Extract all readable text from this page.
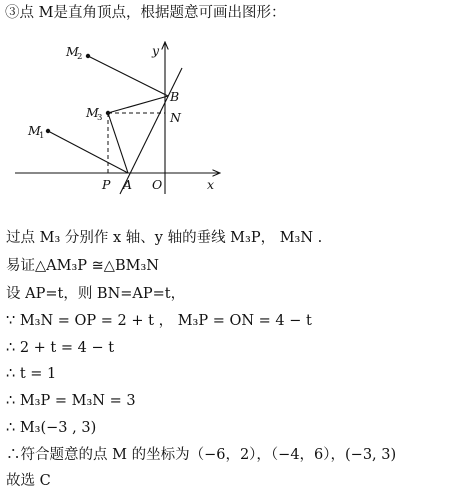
③点 M是直角顶点，根据题意可画出图形：
y
x
O
A
P
B
N
M
2
M
3
M
1
过点 M₃ 分别作 x 轴、y 轴的垂线 M₃P， M₃N .
易证△AM₃P ≅△BM₃N
设 AP=t，则 BN=AP=t，
∵ M₃N = OP = 2 + t ， M₃P = ON = 4 − t
∴ 2 + t = 4 − t
∴ t = 1
∴ M₃P = M₃N = 3
∴ M₃(−3 , 3)
∴符合题意的点 M 的坐标为（−6，2），（−4，6），(−3, 3)
故选 C
